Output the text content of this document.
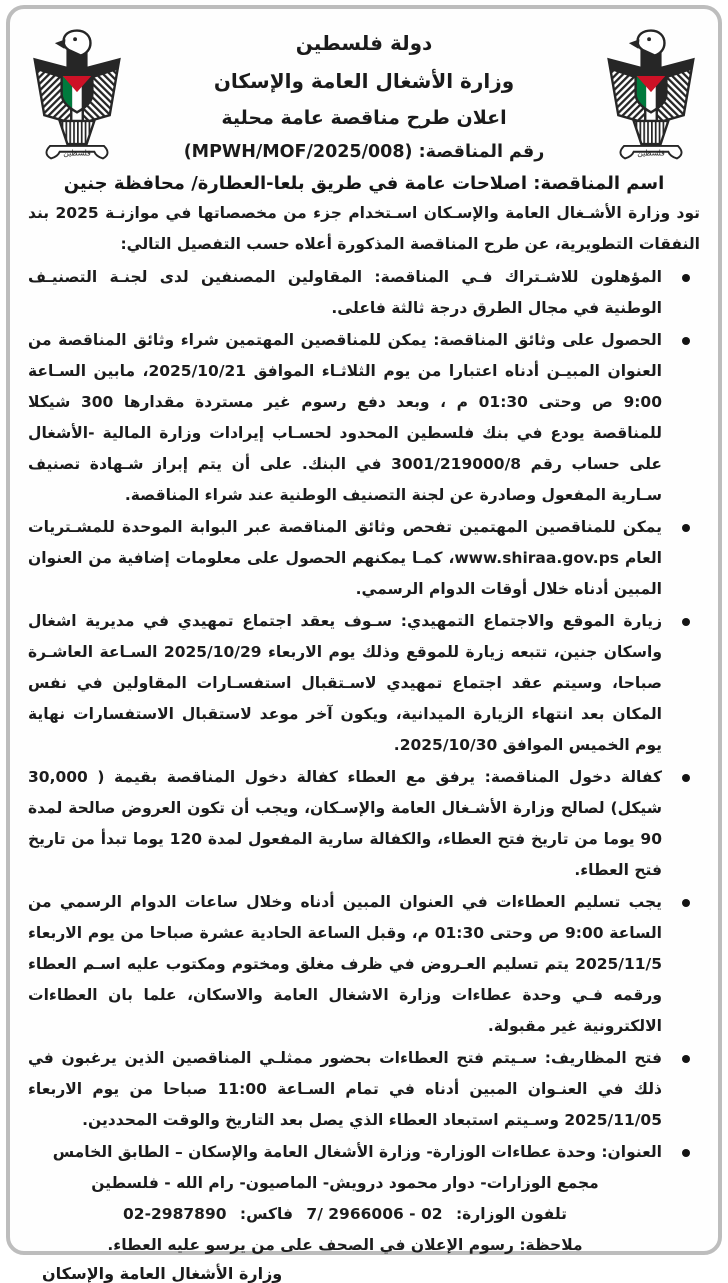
فلسطين
دولة فلسطين
وزارة الأشغال العامة والإسكان
اعلان طرح مناقصة عامة محلية
رقم المناقصة: (MPWH/MOF/2025/008)
فلسطين
اسم المناقصة: اصلاحات عامة في طريق بلعا-العطارة/ محافظة جنين
تود وزارة الأشـغال العامة والإسـكان اسـتخدام جزء من مخصصاتها في موازنـة 2025 بند النفقات التطويرية، عن طرح المناقصة المذكورة أعلاه حسب التفصيل التالي:
المؤهلون للاشـتراك فـي المناقصة: المقاولين المصنفين لدى لجنـة التصنيـف الوطنية في مجال الطرق درجة ثالثة فاعلى.
الحصول على وثائق المناقصة: يمكن للمناقصين المهتمين شراء وثائق المناقصة من العنوان المبيـن أدناه اعتبارا من يوم الثلاثـاء الموافق 2025/10/21، مابين السـاعة 9:00 ص وحتى 01:30 م ، وبعد دفع رسوم غير مستردة مقدارها 300 شيكلا للمناقصة يودع في بنك فلسطين المحدود لحسـاب إيرادات وزارة المالية -الأشغال على حساب رقم 3001/219000/8 في البنك. على أن يتم إبراز شـهادة تصنيف سـارية المفعول وصادرة عن لجنة التصنيف الوطنية عند شراء المناقصة.
يمكن للمناقصين المهتمين تفحص وثائق المناقصة عبر البوابة الموحدة للمشـتريات العام www.shiraa.gov.ps، كمـا يمكنهم الحصول على معلومات إضافية من العنوان المبين أدناه خلال أوقات الدوام الرسمي.
زيارة الموقع والاجتماع التمهيدي: سـوف يعقد اجتماع تمهيدي في مديرية اشغال واسكان جنين، تتبعه زيارة للموقع وذلك يوم الاربعاء 2025/10/29 السـاعة العاشـرة صباحا، وسيتم عقد اجتماع تمهيدي لاسـتقبال استفسـارات المقاولين في نفس المكان بعد انتهاء الزيارة الميدانية، ويكون آخر موعد لاستقبال الاستفسارات نهاية يوم الخميس الموافق 2025/10/30.
كفالة دخول المناقصة: يرفق مع العطاء كفالة دخول المناقصة بقيمة ( 30,000 شيكل) لصالح وزارة الأشـغال العامة والإسـكان، ويجب أن تكون العروض صالحة لمدة 90 يوما من تاريخ فتح العطاء، والكفالة سارية المفعول لمدة 120 يوما تبدأ من تاريخ فتح العطاء.
يجب تسليم العطاءات في العنوان المبين أدناه وخلال ساعات الدوام الرسمي من الساعة 9:00 ص وحتى 01:30 م، وقبل الساعة الحادية عشرة صباحا من يوم الاربعاء 2025/11/5 يتم تسليم العـروض في ظرف مغلق ومختوم ومكتوب عليه اسـم العطاء ورقمه فـي وحدة عطاءات وزارة الاشغال العامة والاسكان، علما بان العطاءات الالكترونية غير مقبولة.
فتح المظاريف: سـيتم فتح العطاءات بحضور ممثلـي المناقصين الذين يرغبون في ذلك في العنـوان المبين أدناه في تمام السـاعة 11:00 صباحا من يوم الاربعاء 2025/11/05 وسـيتم استبعاد العطاء الذي يصل بعد التاريخ والوقت المحددين.
العنوان: وحدة عطاءات الوزارة- وزارة الأشغال العامة والإسكان – الطابق الخامس
مجمع الوزارات- دوار محمود درويش- الماصيون- رام الله - فلسطين
تلفون الوزارة: 7/ 2966006 - 02 فاكس: 02-2987890
ملاحظة: رسوم الإعلان في الصحف على من يرسو عليه العطاء.
وزارة الأشغال العامة والإسكان
